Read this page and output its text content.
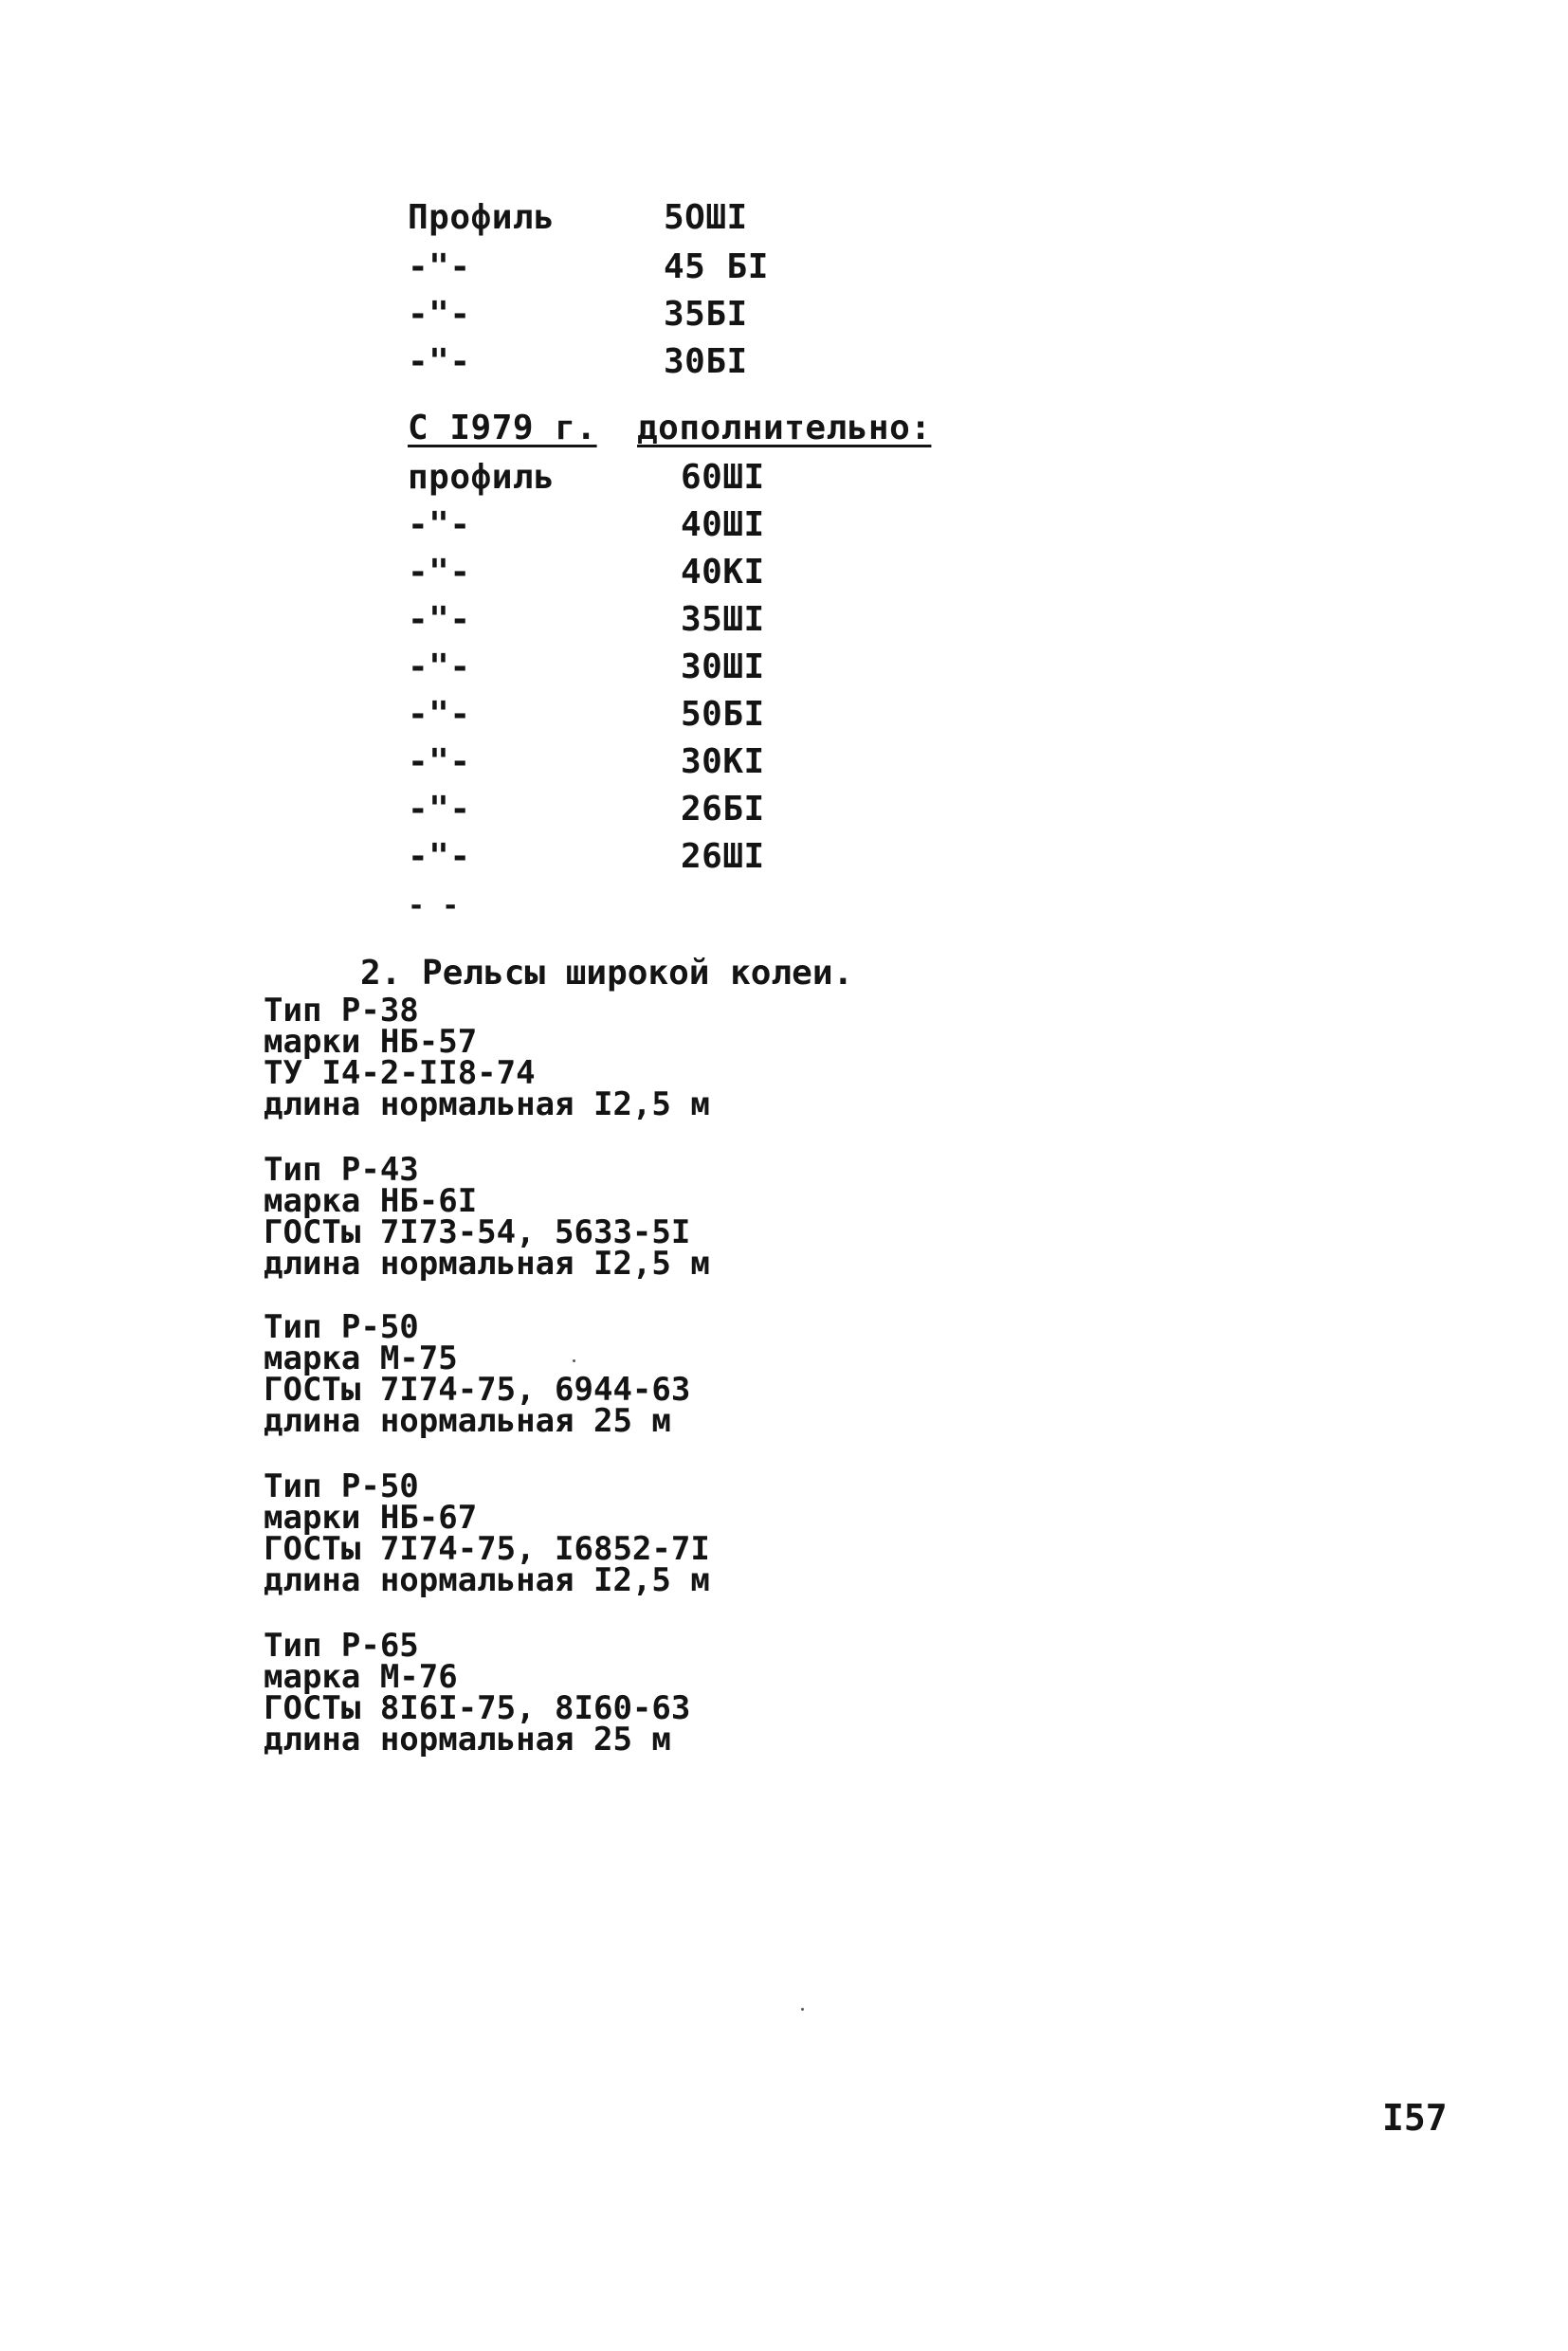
Профиль	5ОШI
-"-	45 БI
-"-	35БI
-"-	30БI
С I979 г. дополнительно:
профиль	60ШI
-"-	40ШI
-"-	40КI
-"-	35ШI
-"-	30ШI
-"-	50БI
-"-	30КI
-"-	26БI
-"-	26ШI
- -
2. Рельсы широкой колеи.
Тип Р-38
марки НБ-57
ТУ I4-2-II8-74
длина нормальная I2,5 м
Тип Р-43
марка НБ-6I
ГОСТы 7I73-54, 5633-5I
длина нормальная I2,5 м
Тип Р-50
марка М-75
ГОСТы 7I74-75, 6944-63
длина нормальная 25 м
Тип Р-50
марки НБ-67
ГОСТы 7I74-75, I6852-7I
длина нормальная I2,5 м
Тип Р-65
марка М-76
ГОСТы 8I6I-75, 8I60-63
длина нормальная 25 м
I57
